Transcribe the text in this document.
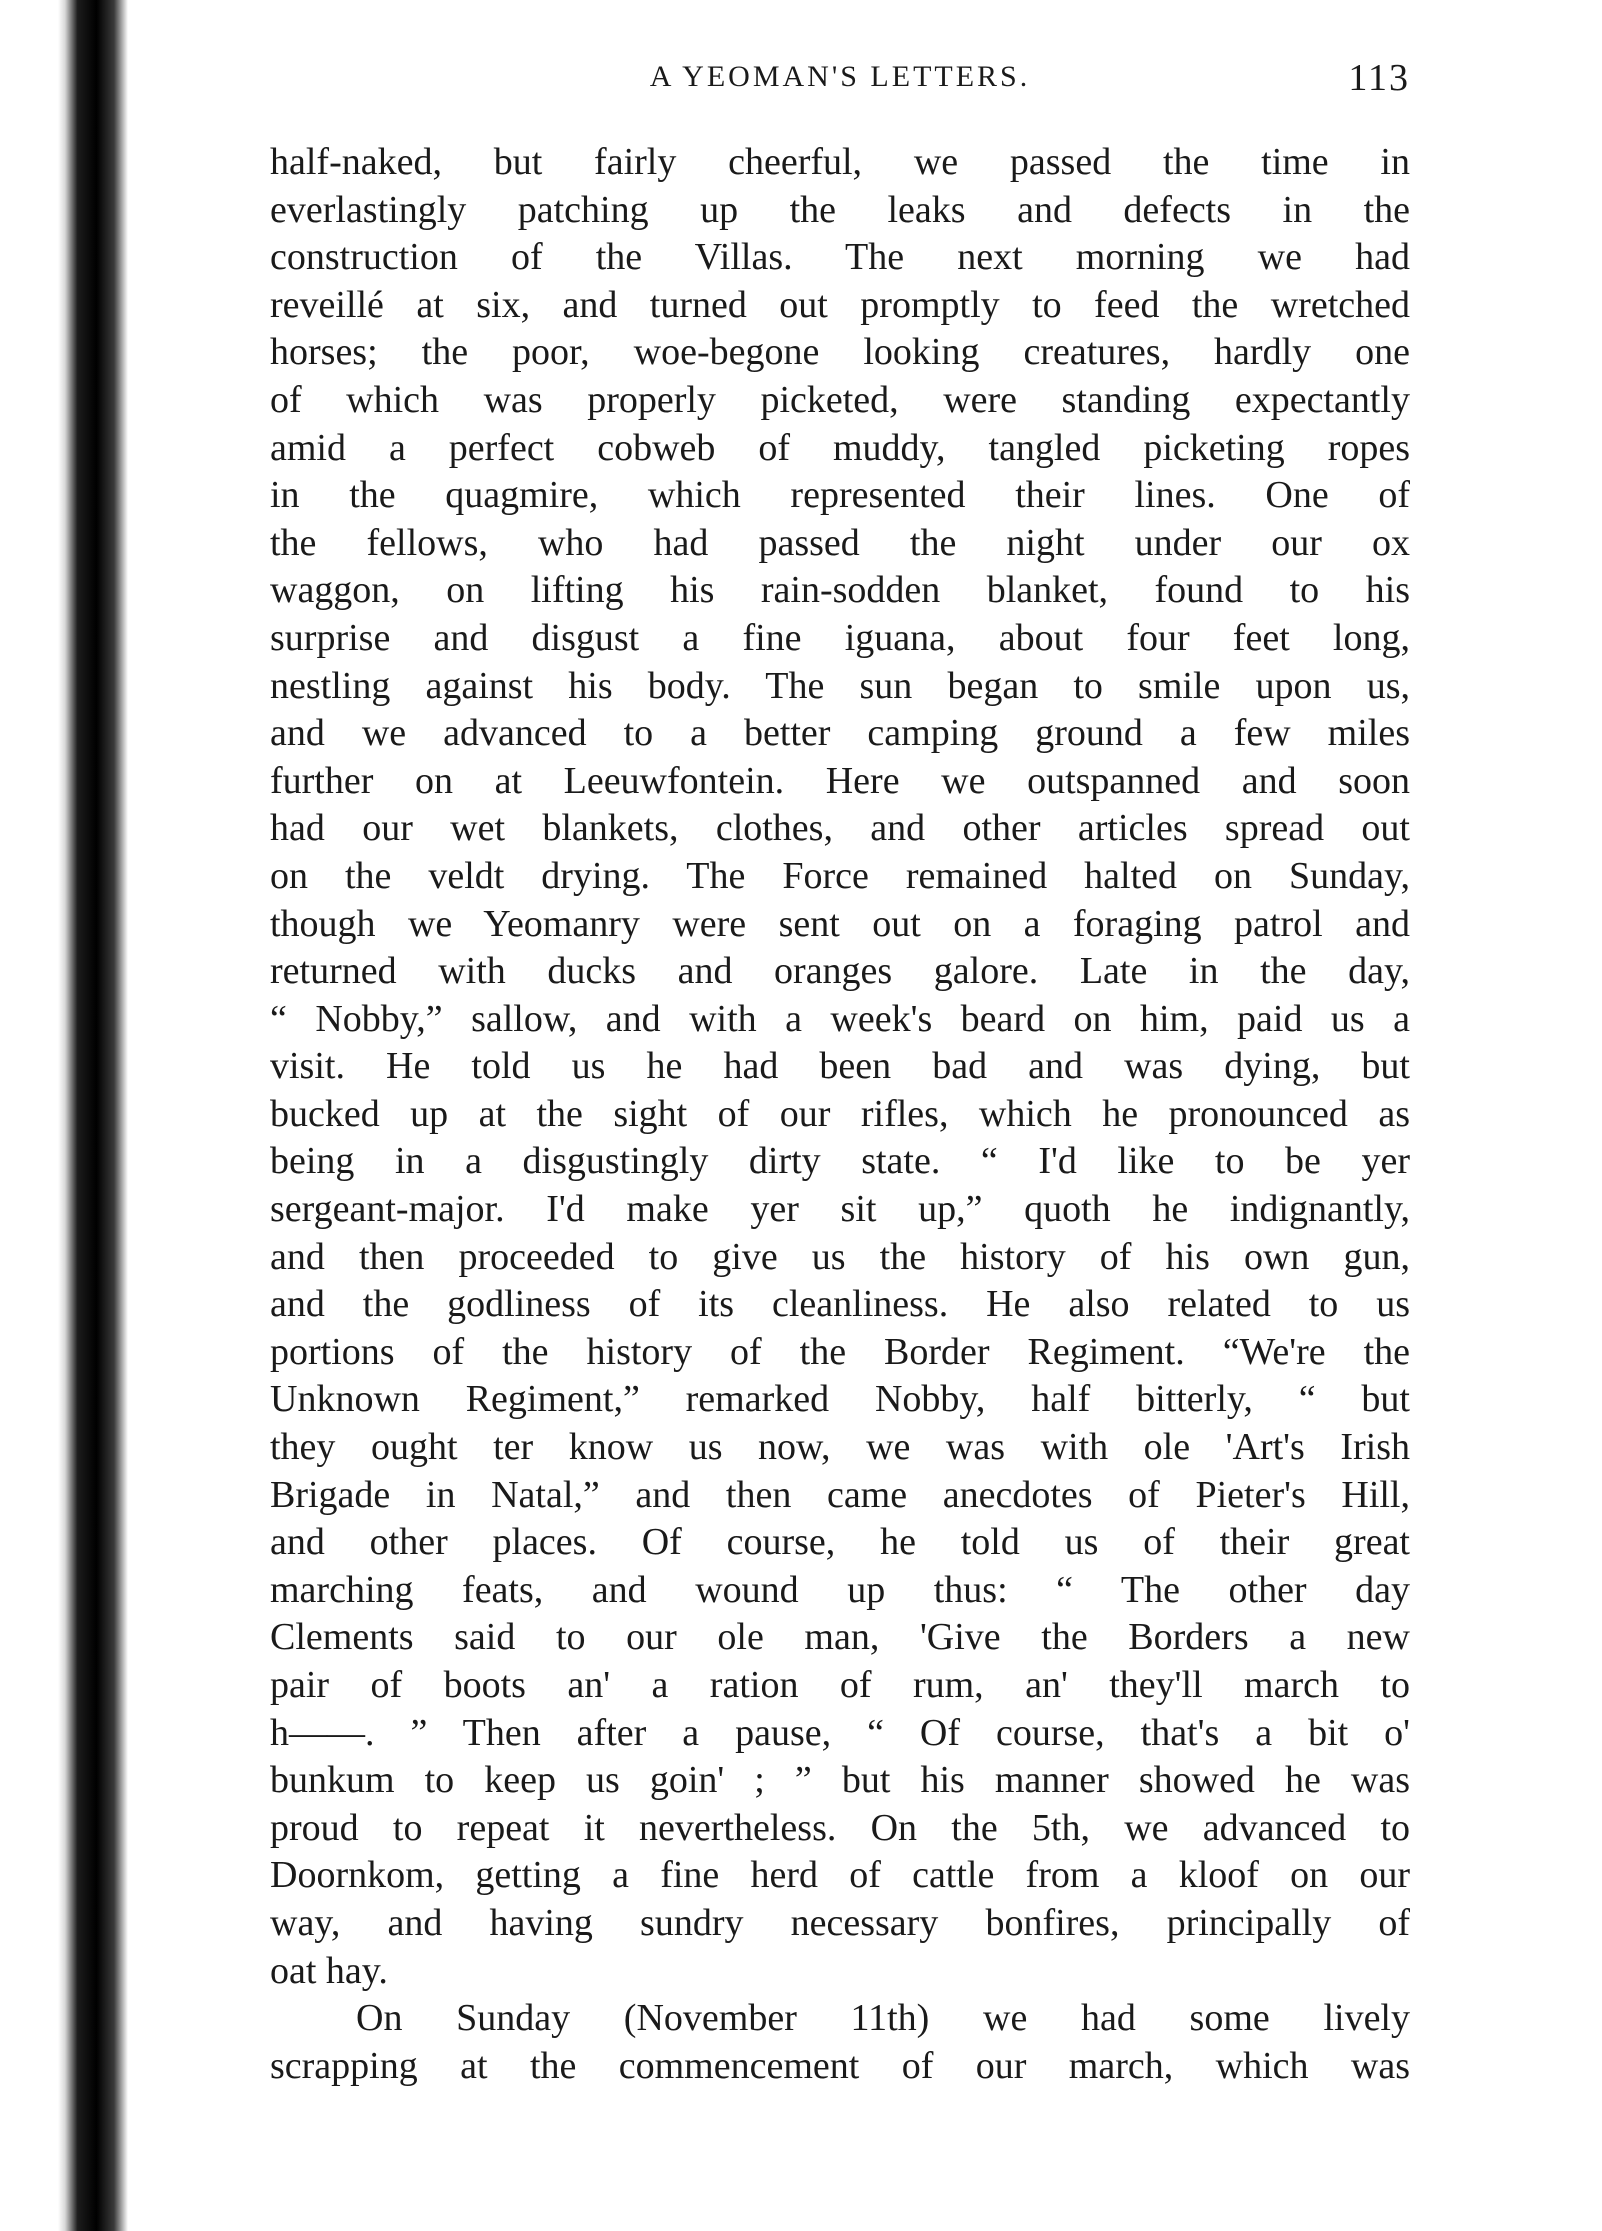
A YEOMAN'S LETTERS.	113
half-naked, but fairly cheerful, we passed the time in
everlastingly patching up the leaks and defects in the
construction of the Villas. The next morning we had
reveillé at six, and turned out promptly to feed the wretched
horses; the poor, woe-begone looking creatures, hardly one
of which was properly picketed, were standing expectantly
amid a perfect cobweb of muddy, tangled picketing ropes
in the quagmire, which represented their lines. One of
the fellows, who had passed the night under our ox
waggon, on lifting his rain-sodden blanket, found to his
surprise and disgust a fine iguana, about four feet long,
nestling against his body. The sun began to smile upon us,
and we advanced to a better camping ground a few miles
further on at Leeuwfontein. Here we outspanned and soon
had our wet blankets, clothes, and other articles spread out
on the veldt drying. The Force remained halted on Sunday,
though we Yeomanry were sent out on a foraging patrol and
returned with ducks and oranges galore. Late in the day,
“ Nobby,” sallow, and with a week's beard on him, paid us a
visit. He told us he had been bad and was dying, but
bucked up at the sight of our rifles, which he pronounced as
being in a disgustingly dirty state. “ I'd like to be yer
sergeant-major. I'd make yer sit up,” quoth he indignantly,
and then proceeded to give us the history of his own gun,
and the godliness of its cleanliness. He also related to us
portions of the history of the Border Regiment. “We're the
Unknown Regiment,” remarked Nobby, half bitterly, “ but
they ought ter know us now, we was with ole 'Art's Irish
Brigade in Natal,” and then came anecdotes of Pieter's Hill,
and other places. Of course, he told us of their great
marching feats, and wound up thus: “ The other day
Clements said to our ole man, 'Give the Borders a new
pair of boots an' a ration of rum, an' they'll march to
h——. ” Then after a pause, “ Of course, that's a bit o'
bunkum to keep us goin' ; ” but his manner showed he was
proud to repeat it nevertheless. On the 5th, we advanced to
Doornkom, getting a fine herd of cattle from a kloof on our
way, and having sundry necessary bonfires, principally of
oat hay.
On Sunday (November 11th) we had some lively
scrapping at the commencement of our march, which was
